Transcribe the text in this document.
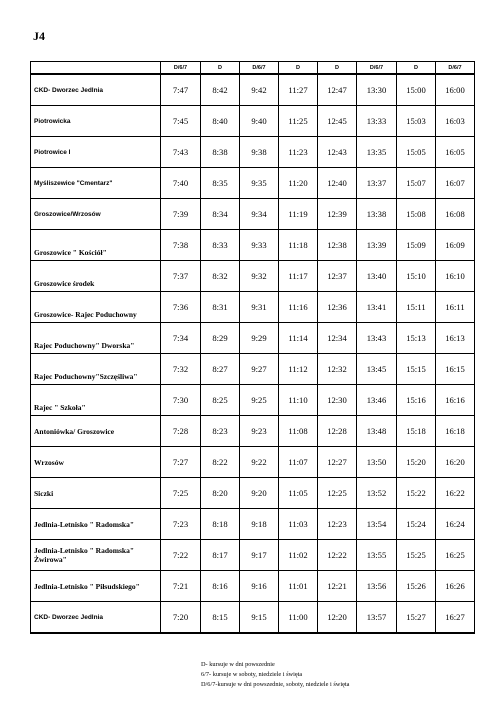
J4
	D/6/7	D	D/6/7	D	D	D/6/7	D	D/6/7

CKD- Dworzec Jedlnia	7:47	8:42	9:42	11:27	12:47	13:30	15:00	16:00

Piotrowicka	7:45	8:40	9:40	11:25	12:45	13:33	15:03	16:03

Piotrowice I	7:43	8:38	9:38	11:23	12:43	13:35	15:05	16:05

Myśliszewice "Cmentarz"	7:40	8:35	9:35	11:20	12:40	13:37	15:07	16:07

Groszowice/Wrzosów	7:39	8:34	9:34	11:19	12:39	13:38	15:08	16:08

Groszowice " Kościół"	7:38	8:33	9:33	11:18	12:38	13:39	15:09	16:09

Groszowice środek	7:37	8:32	9:32	11:17	12:37	13:40	15:10	16:10

Groszowice- Rajec Poduchowny	7:36	8:31	9:31	11:16	12:36	13:41	15:11	16:11

Rajec Poduchowny" Dworska"	7:34	8:29	9:29	11:14	12:34	13:43	15:13	16:13

Rajec Poduchowny"Szczęśliwa"	7:32	8:27	9:27	11:12	12:32	13:45	15:15	16:15

Rajec " Szkoła"	7:30	8:25	9:25	11:10	12:30	13:46	15:16	16:16

Antoniówka/ Groszowice	7:28	8:23	9:23	11:08	12:28	13:48	15:18	16:18

Wrzosów	7:27	8:22	9:22	11:07	12:27	13:50	15:20	16:20

Siczki	7:25	8:20	9:20	11:05	12:25	13:52	15:22	16:22

Jedlnia-Letnisko " Radomska"	7:23	8:18	9:18	11:03	12:23	13:54	15:24	16:24

Jedlnia-Letnisko " Radomska" Żwirowa"	7:22	8:17	9:17	11:02	12:22	13:55	15:25	16:25

Jedlnia-Letnisko " Piłsudskiego"	7:21	8:16	9:16	11:01	12:21	13:56	15:26	16:26

CKD- Dworzec Jedlnia	7:20	8:15	9:15	11:00	12:20	13:57	15:27	16:27
D- kursuje w dni powszednie
6/7- kursuje w soboty, niedziele i święta
D/6/7-kursuje w dni powszednie, soboty, niedziele i święta
